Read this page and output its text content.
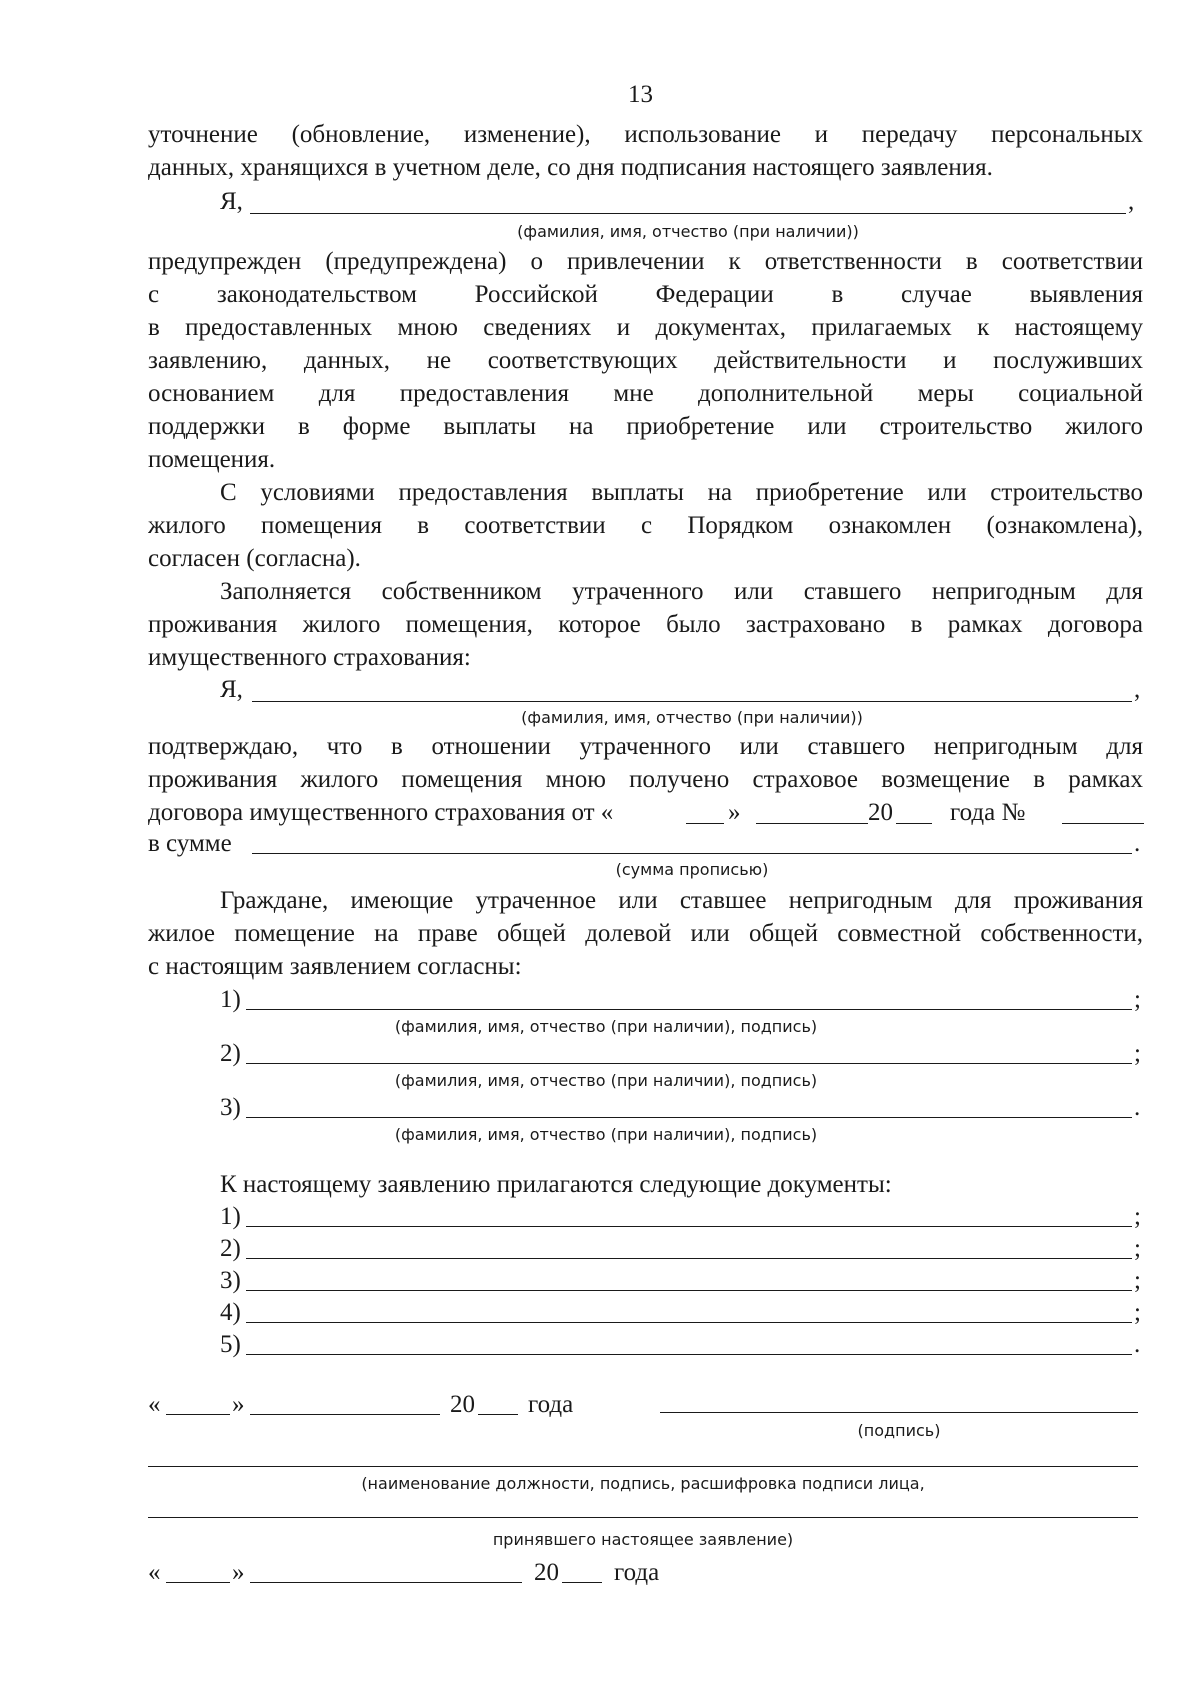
13
уточнение (обновление, изменение), использование и передачу персональных
данных, хранящихся в учетном деле, со дня подписания настоящего заявления.
Я,	,
(фамилия, имя, отчество (при наличии))
предупрежден (предупреждена) о привлечении к ответственности в соответствии
с законодательством Российской Федерации в случае выявления
в предоставленных мною сведениях и документах, прилагаемых к настоящему
заявлению, данных, не соответствующих действительности и послуживших
основанием для предоставления мне дополнительной меры социальной
поддержки в форме выплаты на приобретение или строительство жилого
помещения.
С условиями предоставления выплаты на приобретение или строительство
жилого помещения в соответствии с Порядком ознакомлен (ознакомлена),
согласен (согласна).
Заполняется собственником утраченного или ставшего непригодным для
проживания жилого помещения, которое было застраховано в рамках договора
имущественного страхования:
Я,	,
(фамилия, имя, отчество (при наличии))
подтверждаю, что в отношении утраченного или ставшего непригодным для
проживания жилого помещения мною получено страховое возмещение в рамках
договора имущественного страхования от «	»	20 года №
в сумме	.
(сумма прописью)
Граждане, имеющие утраченное или ставшее непригодным для проживания
жилое помещение на праве общей долевой или общей совместной собственности,
с настоящим заявлением согласны:
1)	;
(фамилия, имя, отчество (при наличии), подпись)
2)	;
(фамилия, имя, отчество (при наличии), подпись)
3)	.
(фамилия, имя, отчество (при наличии), подпись)
К настоящему заявлению прилагаются следующие документы:
1)	;
2)	;
3)	;
4)	;
5)	.
«	»	20 года
(подпись)
(наименование должности, подпись, расшифровка подписи лица,
принявшего настоящее заявление)
«	»	20 года
